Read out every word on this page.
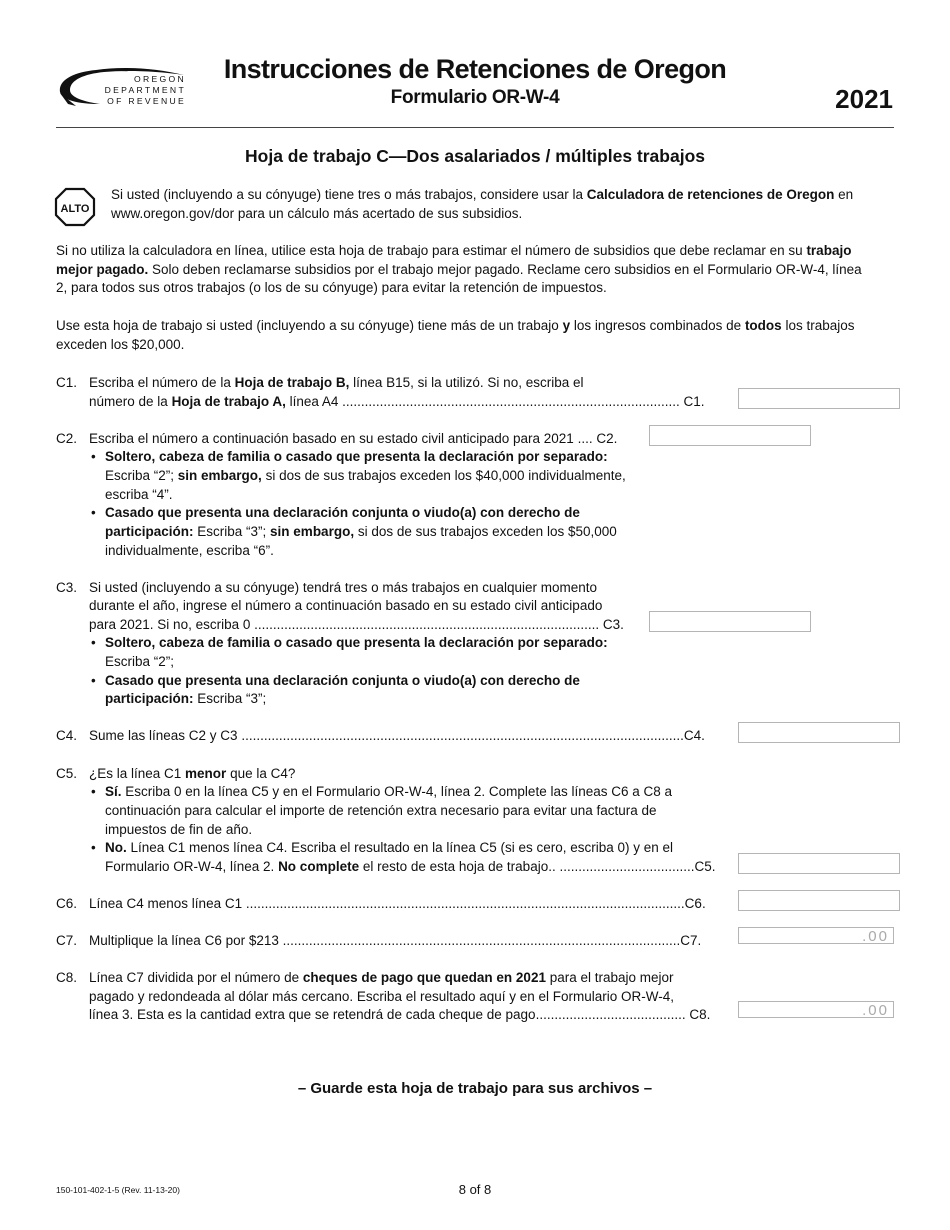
OREGON
DEPARTMENT
OF REVENUE
Instrucciones de Retenciones de Oregon
Formulario OR-W-4	2021
Hoja de trabajo C—Dos asalariados / múltiples trabajos
ALTO
Si usted (incluyendo a su cónyuge) tiene tres o más trabajos, considere usar la Calculadora de retenciones de Oregon en
www.oregon.gov/dor para un cálculo más acertado de sus subsidios.
Si no utiliza la calculadora en línea, utilice esta hoja de trabajo para estimar el número de subsidios que debe reclamar en su trabajo
mejor pagado. Solo deben reclamarse subsidios por el trabajo mejor pagado. Reclame cero subsidios en el Formulario OR-W-4, línea
2, para todos sus otros trabajos (o los de su cónyuge) para evitar la retención de impuestos.
Use esta hoja de trabajo si usted (incluyendo a su cónyuge) tiene más de un trabajo y los ingresos combinados de todos los trabajos
exceden los $20,000.
C1. Escriba el número de la Hoja de trabajo B, línea B15, si la utilizó. Si no, escriba el
número de la Hoja de trabajo A, línea A4 .......................................................................................... C1.
C2. Escriba el número a continuación basado en su estado civil anticipado para 2021 .... C2.
• Soltero, cabeza de familia o casado que presenta la declaración por separado:
Escriba “2”; sin embargo, si dos de sus trabajos exceden los $40,000 individualmente,
escriba “4”.
• Casado que presenta una declaración conjunta o viudo(a) con derecho de
participación: Escriba “3”; sin embargo, si dos de sus trabajos exceden los $50,000
individualmente, escriba “6”.
C3. Si usted (incluyendo a su cónyuge) tendrá tres o más trabajos en cualquier momento
durante el año, ingrese el número a continuación basado en su estado civil anticipado
para 2021. Si no, escriba 0 ............................................................................................ C3.
• Soltero, cabeza de familia o casado que presenta la declaración por separado:
Escriba “2”;
• Casado que presenta una declaración conjunta o viudo(a) con derecho de
participación: Escriba “3”;
C4. Sume las líneas C2 y C3 ......................................................................................................................C4.
C5. ¿Es la línea C1 menor que la C4?
• Sí. Escriba 0 en la línea C5 y en el Formulario OR-W-4, línea 2. Complete las líneas C6 a C8 a
continuación para calcular el importe de retención extra necesario para evitar una factura de
impuestos de fin de año.
• No. Línea C1 menos línea C4. Escriba el resultado en la línea C5 (si es cero, escriba 0) y en el
Formulario OR-W-4, línea 2. No complete el resto de esta hoja de trabajo.. ....................................C5.
C6. Línea C4 menos línea C1 .....................................................................................................................C6.
C7. Multiplique la línea C6 por $213 ..........................................................................................................C7.	.00
C8. Línea C7 dividida por el número de cheques de pago que quedan en 2021 para el trabajo mejor
pagado y redondeada al dólar más cercano. Escriba el resultado aquí y en el Formulario OR-W-4,
línea 3. Esta es la cantidad extra que se retendrá de cada cheque de pago........................................ C8.	.00
– Guarde esta hoja de trabajo para sus archivos –
150-101-402-1-5 (Rev. 11-13-20)	8 of 8
